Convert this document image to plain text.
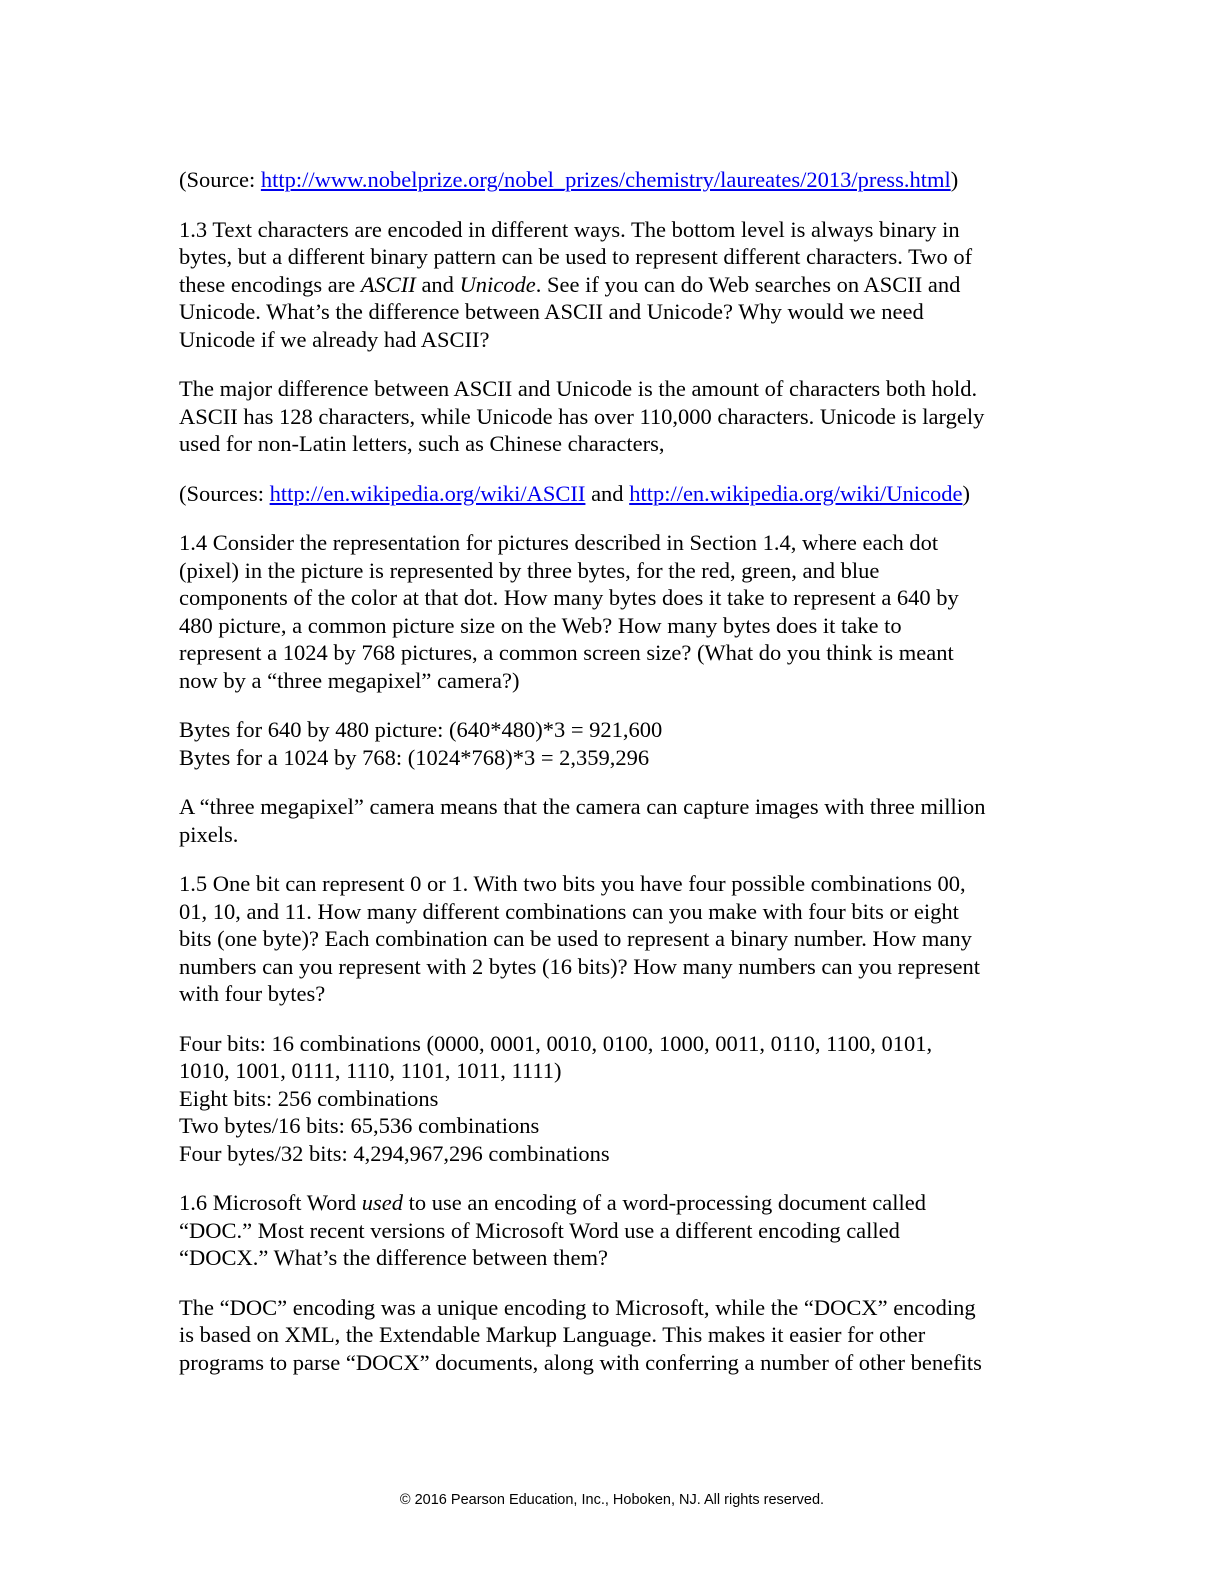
(Source: http://www.nobelprize.org/nobel_prizes/chemistry/laureates/2013/press.html)

1.3 Text characters are encoded in different ways. The bottom level is always binary in
bytes, but a different binary pattern can be used to represent different characters. Two of
these encodings are ASCII and Unicode. See if you can do Web searches on ASCII and
Unicode. What’s the difference between ASCII and Unicode? Why would we need
Unicode if we already had ASCII?

The major difference between ASCII and Unicode is the amount of characters both hold.
ASCII has 128 characters, while Unicode has over 110,000 characters. Unicode is largely
used for non-Latin letters, such as Chinese characters,

(Sources: http://en.wikipedia.org/wiki/ASCII and http://en.wikipedia.org/wiki/Unicode)

1.4 Consider the representation for pictures described in Section 1.4, where each dot
(pixel) in the picture is represented by three bytes, for the red, green, and blue
components of the color at that dot. How many bytes does it take to represent a 640 by
480 picture, a common picture size on the Web? How many bytes does it take to
represent a 1024 by 768 pictures, a common screen size? (What do you think is meant
now by a “three megapixel” camera?)

Bytes for 640 by 480 picture: (640*480)*3 = 921,600
Bytes for a 1024 by 768: (1024*768)*3 = 2,359,296

A “three megapixel” camera means that the camera can capture images with three million
pixels.

1.5 One bit can represent 0 or 1. With two bits you have four possible combinations 00,
01, 10, and 11. How many different combinations can you make with four bits or eight
bits (one byte)? Each combination can be used to represent a binary number. How many
numbers can you represent with 2 bytes (16 bits)? How many numbers can you represent
with four bytes?

Four bits: 16 combinations (0000, 0001, 0010, 0100, 1000, 0011, 0110, 1100, 0101,
1010, 1001, 0111, 1110, 1101, 1011, 1111)
Eight bits: 256 combinations
Two bytes/16 bits: 65,536 combinations
Four bytes/32 bits: 4,294,967,296 combinations

1.6 Microsoft Word used to use an encoding of a word-processing document called
“DOC.” Most recent versions of Microsoft Word use a different encoding called
“DOCX.” What’s the difference between them?

The “DOC” encoding was a unique encoding to Microsoft, while the “DOCX” encoding
is based on XML, the Extendable Markup Language. This makes it easier for other
programs to parse “DOCX” documents, along with conferring a number of other benefits

© 2016 Pearson Education, Inc., Hoboken, NJ. All rights reserved.
